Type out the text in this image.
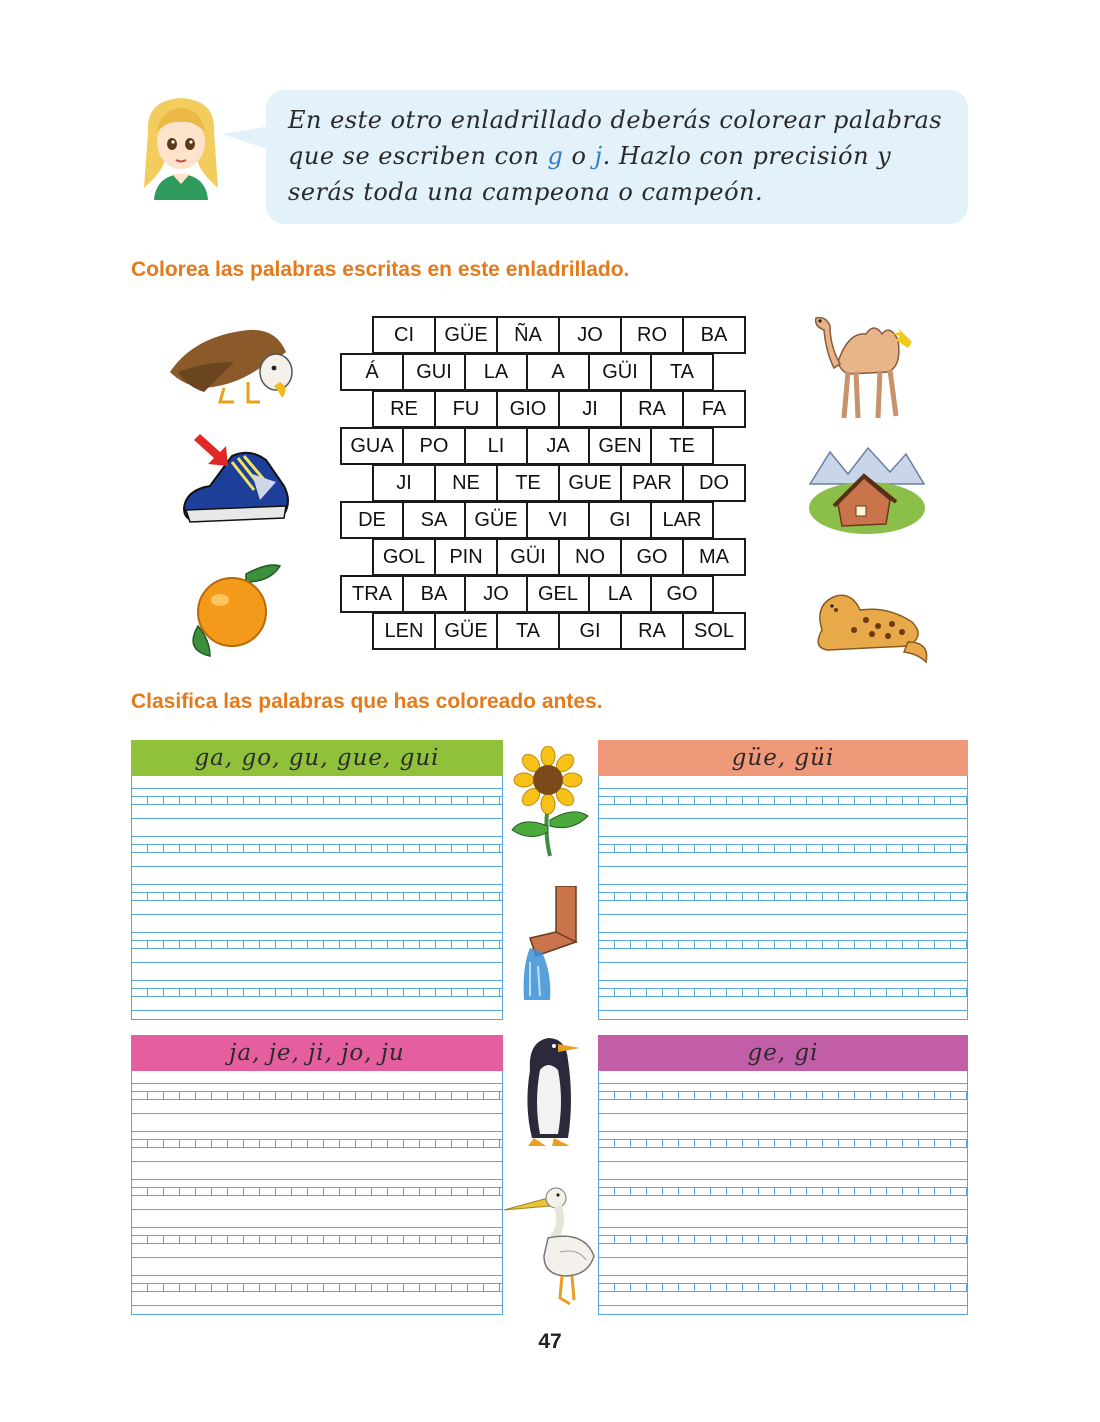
En este otro enladrillado deberás colorear palabras
que se escriben con g o j. Hazlo con precisión y
serás toda una campeona o campeón.
Colorea las palabras escritas en este enladrillado.
CI	GÜE	ÑA	JO	RO	BA
Á	GUI	LA	A	GÜI	TA
RE	FU	GIO	JI	RA	FA
GUA	PO	LI	JA	GEN	TE
JI	NE	TE	GUE	PAR	DO
DE	SA	GÜE	VI	GI	LAR
GOL	PIN	GÜI	NO	GO	MA
TRA	BA	JO	GEL	LA	GO
LEN	GÜE	TA	GI	RA	SOL
Clasifica las palabras que has coloreado antes.
ga, go, gu, gue, gui	güe, güi
ja, je, ji, jo, ju	ge, gi
47
